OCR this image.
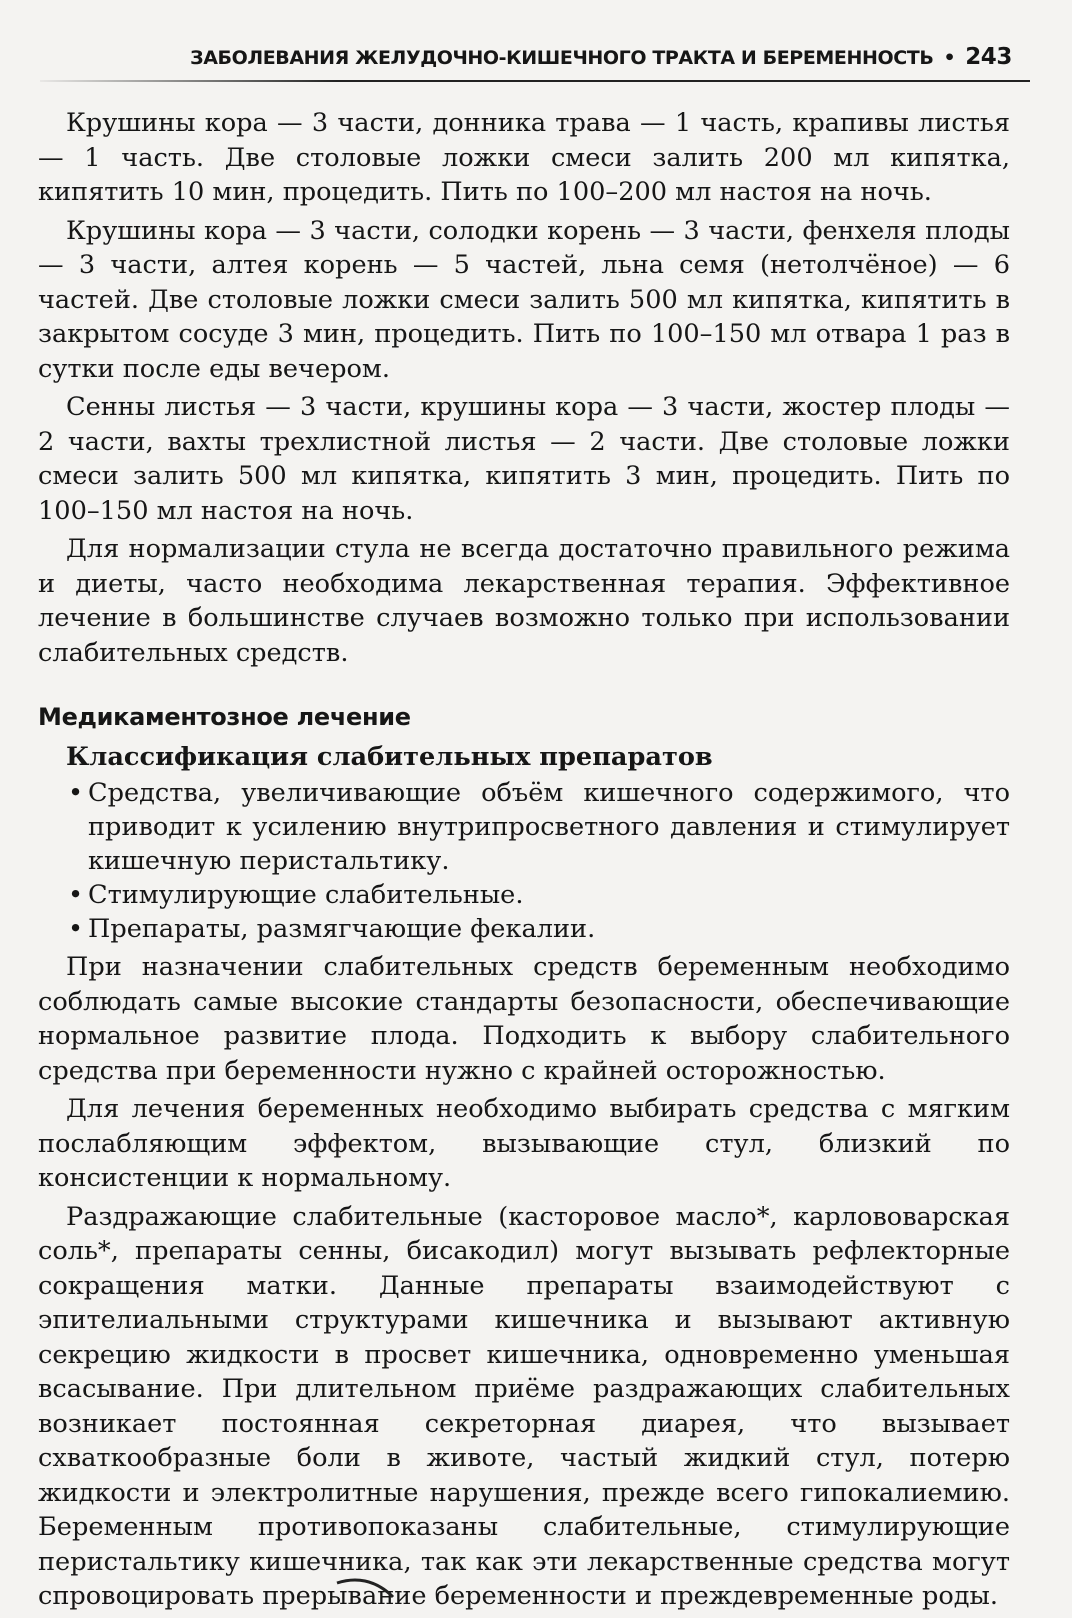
ЗАБОЛЕВАНИЯ ЖЕЛУДОЧНО-КИШЕЧНОГО ТРАКТА И БЕРЕМЕННОСТЬ • 243

Крушины кора — 3 части, донника трава — 1 часть, крапивы листья — 1 часть. Две столовые ложки смеси залить 200 мл кипятка, кипятить 10 мин, процедить. Пить по 100–200 мл настоя на ночь.

Крушины кора — 3 части, солодки корень — 3 части, фенхеля плоды — 3 части, алтея корень — 5 частей, льна семя (нетолчёное) — 6 частей. Две столовые ложки смеси залить 500 мл кипятка, кипятить в закрытом сосуде 3 мин, процедить. Пить по 100–150 мл отвара 1 раз в сутки после еды вечером.

Сенны листья — 3 части, крушины кора — 3 части, жостер плоды — 2 части, вахты трехлистной листья — 2 части. Две столовые ложки смеси залить 500 мл кипятка, кипятить 3 мин, процедить. Пить по 100–150 мл настоя на ночь.

Для нормализации стула не всегда достаточно правильного режима и диеты, часто необходима лекарственная терапия. Эффективное лечение в большинстве случаев возможно только при использовании слабительных средств.

Медикаментозное лечение
Классификация слабительных препаратов
• Средства, увеличивающие объём кишечного содержимого, что приводит к усилению внутрипросветного давления и стимулирует кишечную перистальтику.
• Стимулирующие слабительные.
• Препараты, размягчающие фекалии.

При назначении слабительных средств беременным необходимо соблюдать самые высокие стандарты безопасности, обеспечивающие нормальное развитие плода. Подходить к выбору слабительного средства при беременности нужно с крайней осторожностью.

Для лечения беременных необходимо выбирать средства с мягким послабляющим эффектом, вызывающие стул, близкий по консистенции к нормальному.

Раздражающие слабительные (касторовое масло*, карлововарская соль*, препараты сенны, бисакодил) могут вызывать рефлекторные сокращения матки. Данные препараты взаимодействуют с эпителиальными структурами кишечника и вызывают активную секрецию жидкости в просвет кишечника, одновременно уменьшая всасывание. При длительном приёме раздражающих слабительных возникает постоянная секреторная диарея, что вызывает схваткообразные боли в животе, частый жидкий стул, потерю жидкости и электролитные нарушения, прежде всего гипокалиемию. Беременным противопоказаны слабительные, стимулирующие перистальтику кишечника, так как эти лекарственные средства могут спровоцировать прерывание беременности и преждевременные роды.
